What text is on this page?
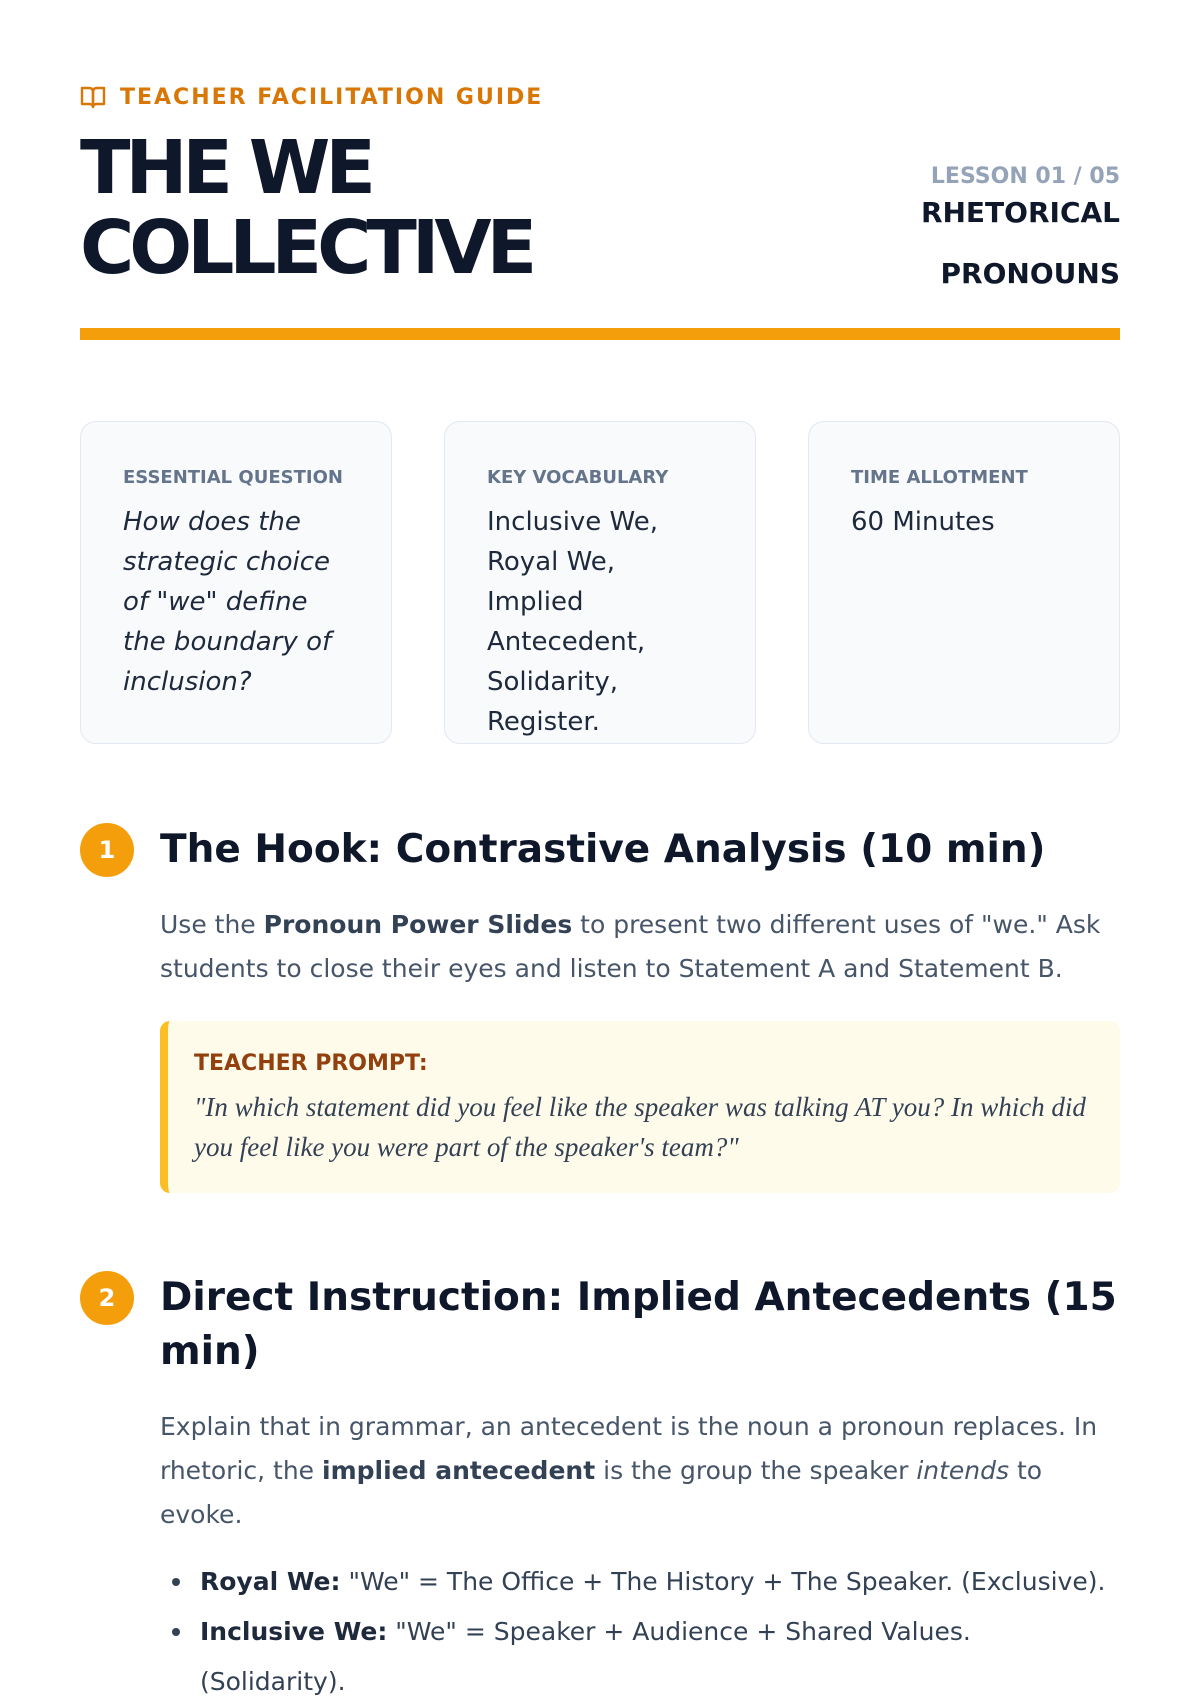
TEACHER FACILITATION GUIDE
THE WE
COLLECTIVE
LESSON 01 / 05
RHETORICAL
PRONOUNS
ESSENTIAL QUESTION
How does the strategic choice of "we" define the boundary of inclusion?
KEY VOCABULARY
Inclusive We, Royal We, Implied Antecedent, Solidarity, Register.
TIME ALLOTMENT
60 Minutes
1	The Hook: Contrastive Analysis (10 min)

Use the Pronoun Power Slides to present two different uses of "we." Ask students to close their eyes and listen to Statement A and Statement B.

TEACHER PROMPT:
"In which statement did you feel like the speaker was talking AT you? In which did you feel like you were part of the speaker's team?"
2	Direct Instruction: Implied Antecedents (15 min)

Explain that in grammar, an antecedent is the noun a pronoun replaces. In rhetoric, the implied antecedent is the group the speaker intends to evoke.

Royal We: "We" = The Office + The History + The Speaker. (Exclusive).
Inclusive We: "We" = Speaker + Audience + Shared Values. (Solidarity).
